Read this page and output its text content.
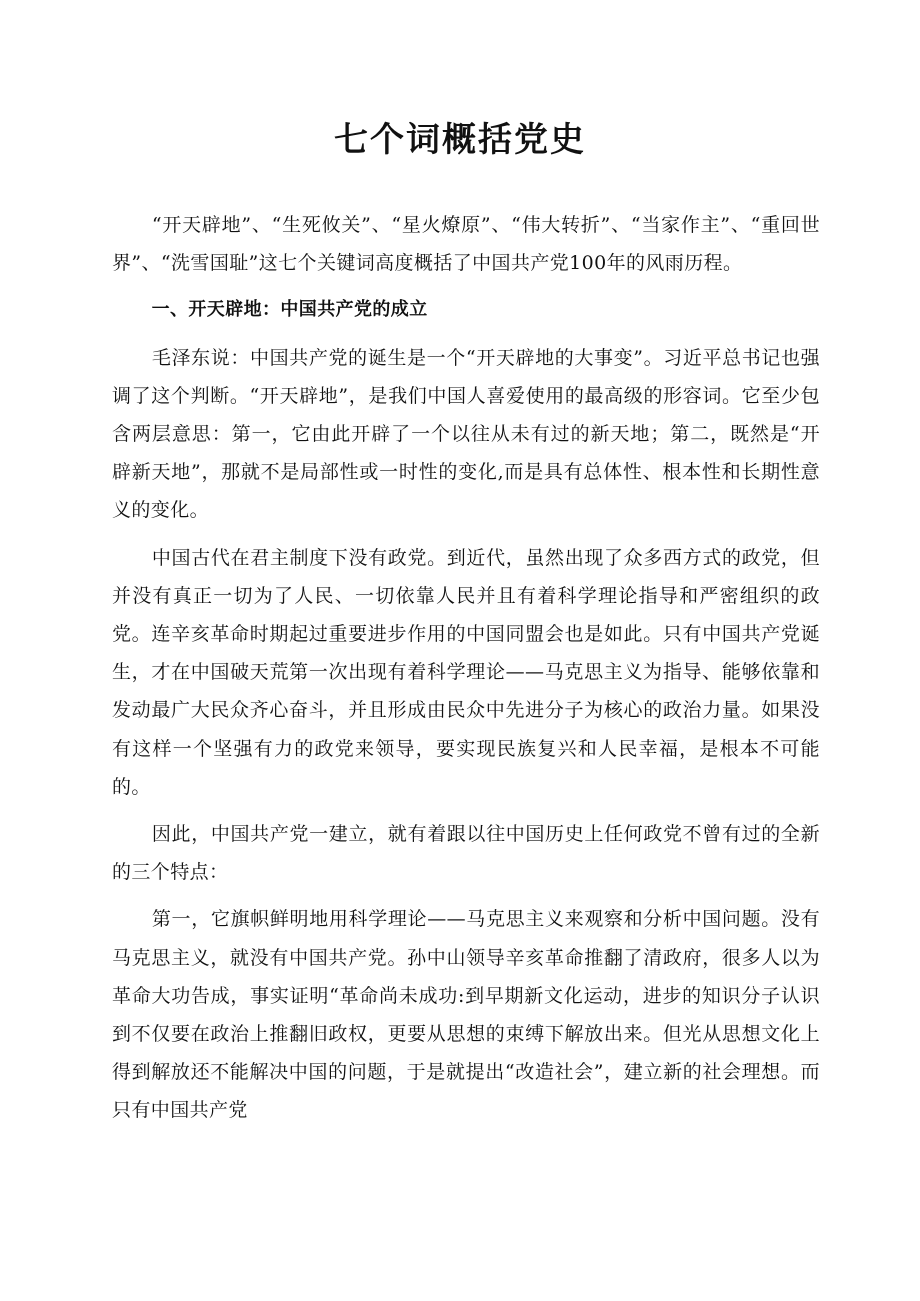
七个词概括党史

“开天辟地”、“生死攸关”、“星火燎原”、“伟大转折”、“当家作主”、“重回世界”、“洗雪国耻”这七个关键词高度概括了中国共产党100年的风雨历程。

一、开天辟地：中国共产党的成立

毛泽东说：中国共产党的诞生是一个“开天辟地的大事变”。习近平总书记也强调了这个判断。“开天辟地”，是我们中国人喜爱使用的最高级的形容词。它至少包含两层意思：第一，它由此开辟了一个以往从未有过的新天地；第二，既然是“开辟新天地”，那就不是局部性或一时性的变化,而是具有总体性、根本性和长期性意义的变化。

中国古代在君主制度下没有政党。到近代，虽然出现了众多西方式的政党，但并没有真正一切为了人民、一切依靠人民并且有着科学理论指导和严密组织的政党。连辛亥革命时期起过重要进步作用的中国同盟会也是如此。只有中国共产党诞生，才在中国破天荒第一次出现有着科学理论——马克思主义为指导、能够依靠和发动最广大民众齐心奋斗，并且形成由民众中先进分子为核心的政治力量。如果没有这样一个坚强有力的政党来领导，要实现民族复兴和人民幸福，是根本不可能的。

因此，中国共产党一建立，就有着跟以往中国历史上任何政党不曾有过的全新的三个特点：

第一，它旗帜鲜明地用科学理论——马克思主义来观察和分析中国问题。没有马克思主义，就没有中国共产党。孙中山领导辛亥革命推翻了清政府，很多人以为革命大功告成，事实证明“革命尚未成功:到早期新文化运动，进步的知识分子认识到不仅要在政治上推翻旧政权，更要从思想的束缚下解放出来。但光从思想文化上得到解放还不能解决中国的问题，于是就提出“改造社会”，建立新的社会理想。而只有中国共产党
